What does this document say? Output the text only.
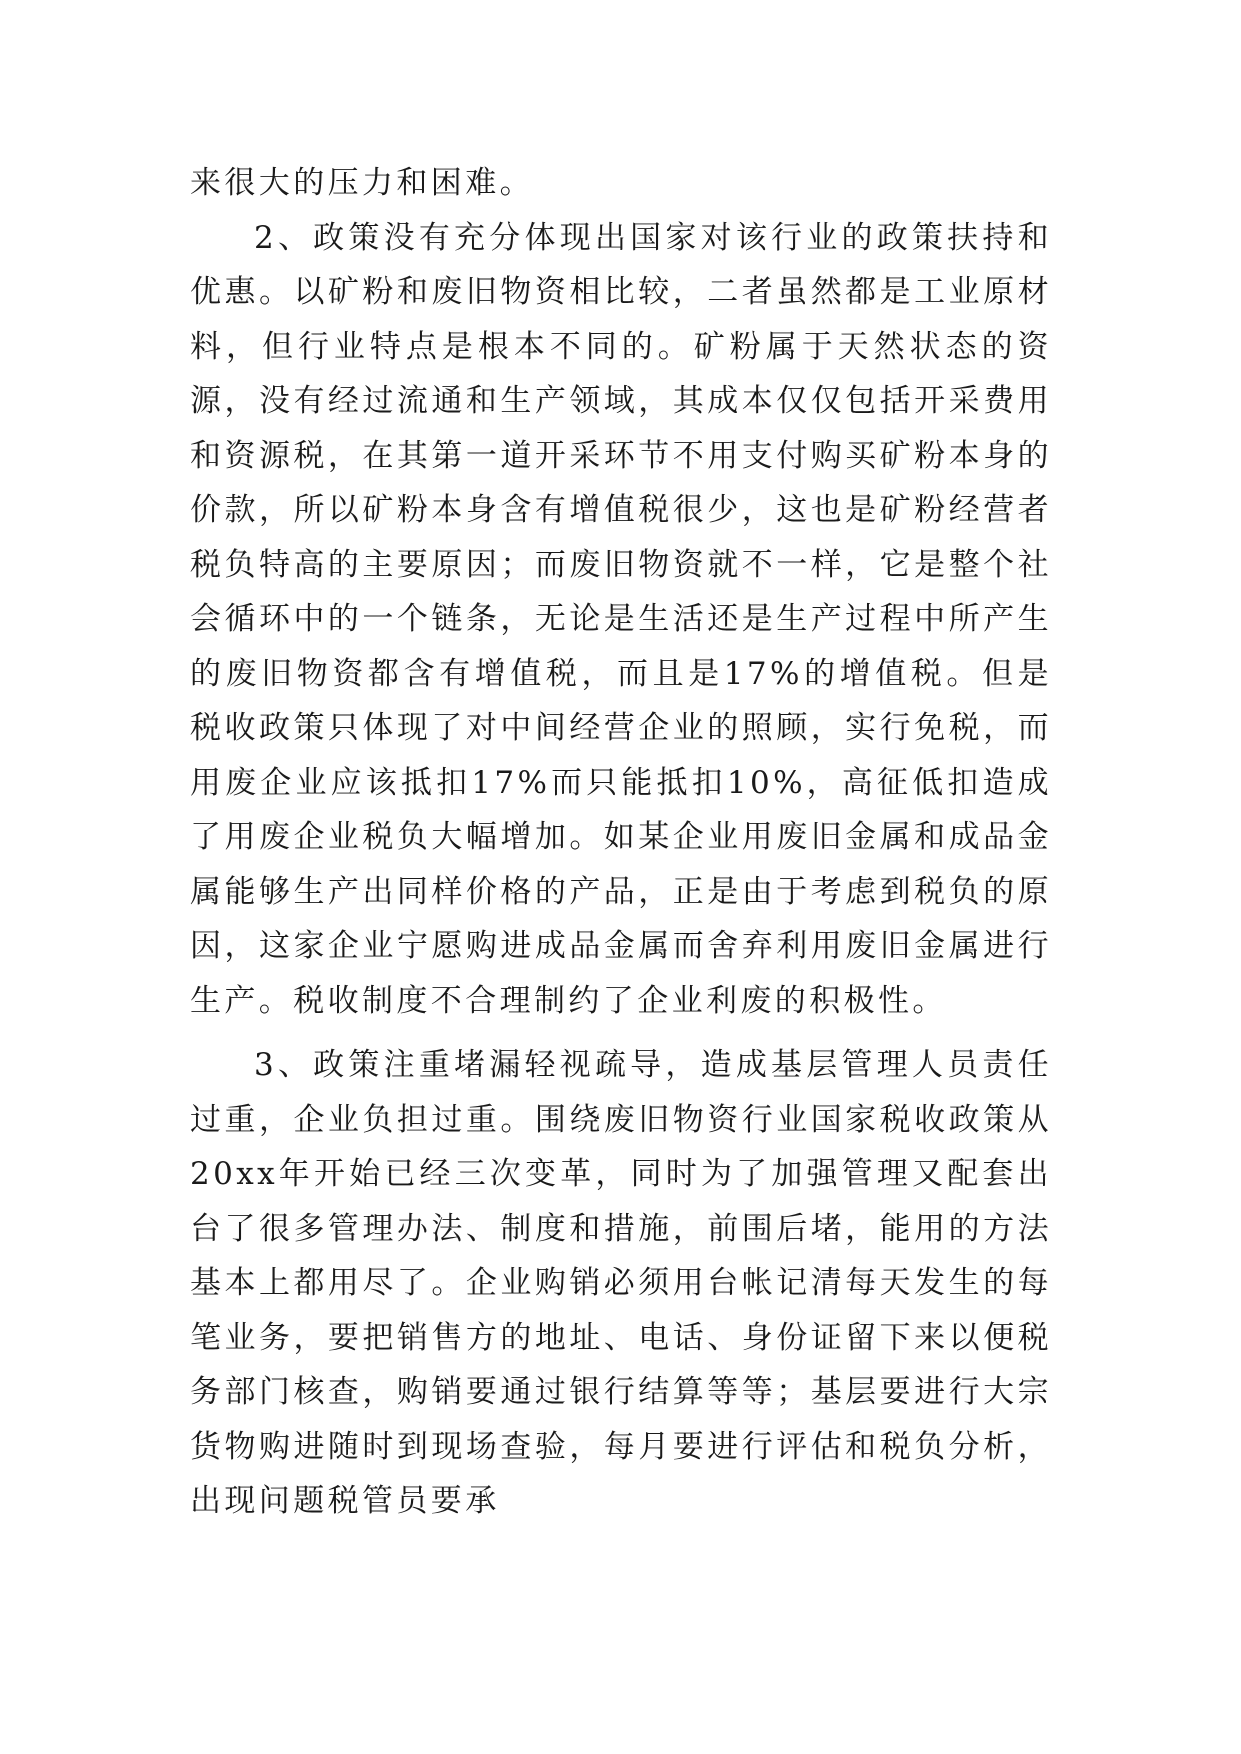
来很大的压力和困难。

2、政策没有充分体现出国家对该行业的政策扶持和优惠。以矿粉和废旧物资相比较，二者虽然都是工业原材料，但行业特点是根本不同的。矿粉属于天然状态的资源，没有经过流通和生产领域，其成本仅仅包括开采费用和资源税，在其第一道开采环节不用支付购买矿粉本身的价款，所以矿粉本身含有增值税很少，这也是矿粉经营者税负特高的主要原因；而废旧物资就不一样，它是整个社会循环中的一个链条，无论是生活还是生产过程中所产生的废旧物资都含有增值税，而且是17%的增值税。但是税收政策只体现了对中间经营企业的照顾，实行免税，而用废企业应该抵扣17%而只能抵扣10%，高征低扣造成了用废企业税负大幅增加。如某企业用废旧金属和成品金属能够生产出同样价格的产品，正是由于考虑到税负的原因，这家企业宁愿购进成品金属而舍弃利用废旧金属进行生产。税收制度不合理制约了企业利废的积极性。

3、政策注重堵漏轻视疏导，造成基层管理人员责任过重，企业负担过重。围绕废旧物资行业国家税收政策从20xx年开始已经三次变革，同时为了加强管理又配套出台了很多管理办法、制度和措施，前围后堵，能用的方法基本上都用尽了。企业购销必须用台帐记清每天发生的每笔业务，要把销售方的地址、电话、身份证留下来以便税务部门核查，购销要通过银行结算等等；基层要进行大宗货物购进随时到现场查验，每月要进行评估和税负分析，出现问题税管员要承
